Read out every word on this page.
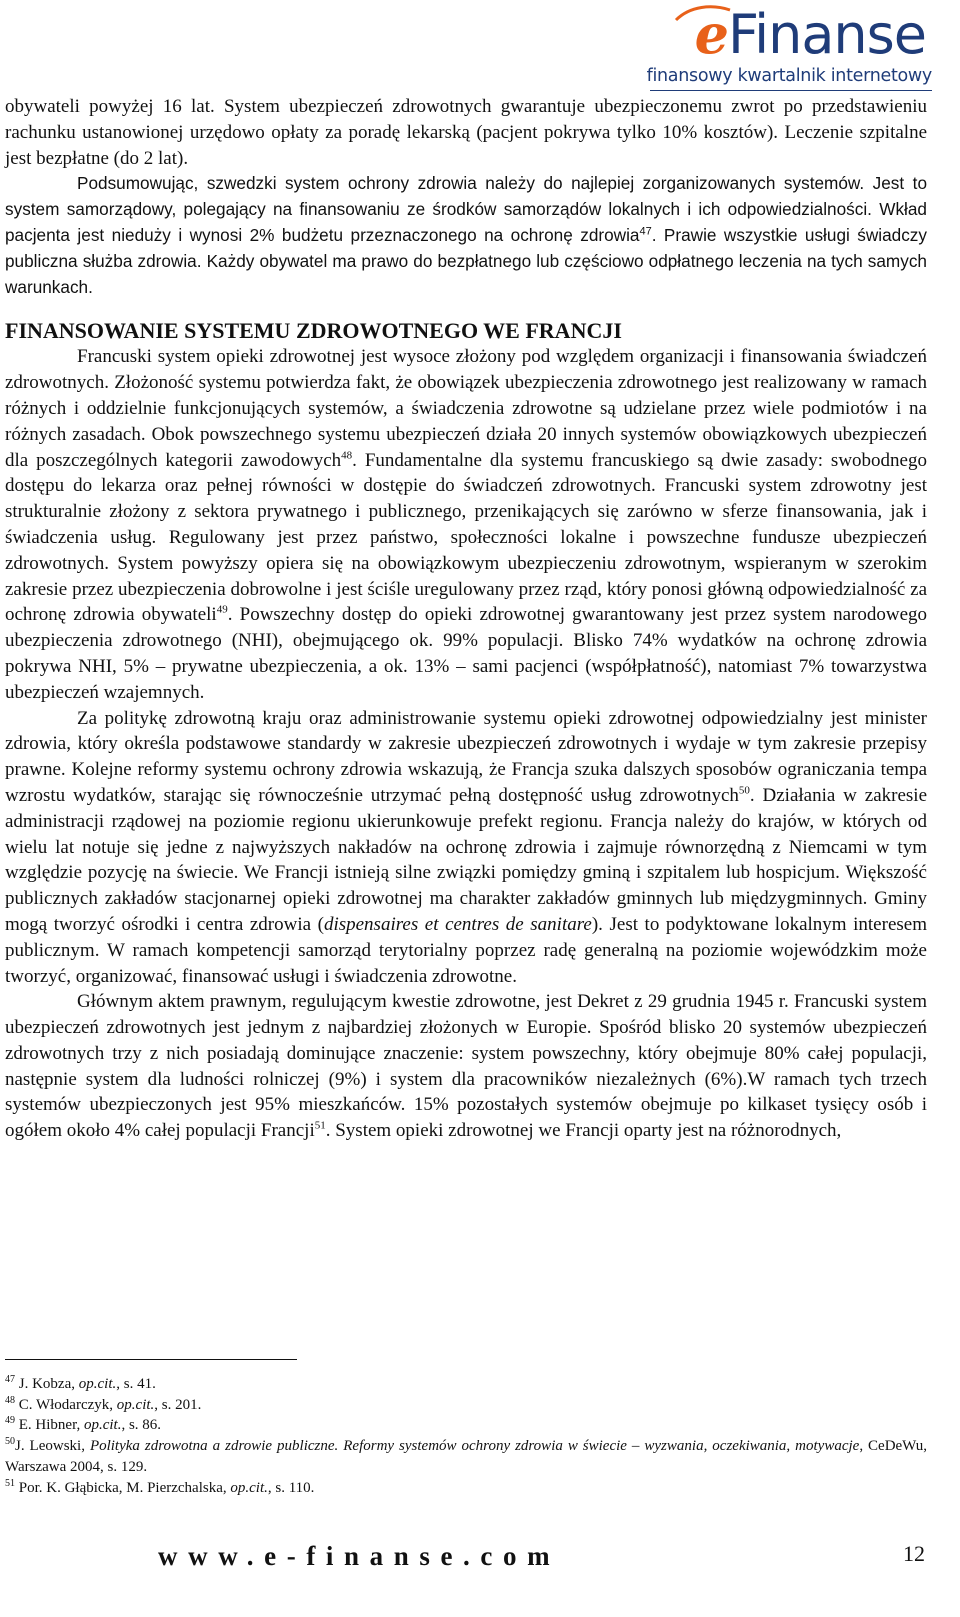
eFinanse
finansowy kwartalnik internetowy

obywateli powyżej 16 lat. System ubezpieczeń zdrowotnych gwarantuje ubezpieczonemu zwrot po przedstawieniu rachunku ustanowionej urzędowo opłaty za poradę lekarską (pacjent pokrywa tylko 10% kosztów). Leczenie szpitalne jest bezpłatne (do 2 lat).

Podsumowując, szwedzki system ochrony zdrowia należy do najlepiej zorganizowanych systemów. Jest to system samorządowy, polegający na finansowaniu ze środków samorządów lokalnych i ich odpowiedzialności. Wkład pacjenta jest nieduży i wynosi 2% budżetu przeznaczonego na ochronę zdrowia$^{47}$. Prawie wszystkie usługi świadczy publiczna służba zdrowia. Każdy obywatel ma prawo do bezpłatnego lub częściowo odpłatnego leczenia na tych samych warunkach.

FINANSOWANIE SYSTEMU ZDROWOTNEGO WE FRANCJI

Francuski system opieki zdrowotnej jest wysoce złożony pod względem organizacji i finansowania świadczeń zdrowotnych. Złożoność systemu potwierdza fakt, że obowiązek ubezpieczenia zdrowotnego jest realizowany w ramach różnych i oddzielnie funkcjonujących systemów, a świadczenia zdrowotne są udzielane przez wiele podmiotów i na różnych zasadach. Obok powszechnego systemu ubezpieczeń działa 20 innych systemów obowiązkowych ubezpieczeń dla poszczególnych kategorii zawodowych$^{48}$. Fundamentalne dla systemu francuskiego są dwie zasady: swobodnego dostępu do lekarza oraz pełnej równości w dostępie do świadczeń zdrowotnych. Francuski system zdrowotny jest strukturalnie złożony z sektora prywatnego i publicznego, przenikających się zarówno w sferze finansowania, jak i świadczenia usług. Regulowany jest przez państwo, społeczności lokalne i powszechne fundusze ubezpieczeń zdrowotnych. System powyższy opiera się na obowiązkowym ubezpieczeniu zdrowotnym, wspieranym w szerokim zakresie przez ubezpieczenia dobrowolne i jest ściśle uregulowany przez rząd, który ponosi główną odpowiedzialność za ochronę zdrowia obywateli$^{49}$. Powszechny dostęp do opieki zdrowotnej gwarantowany jest przez system narodowego ubezpieczenia zdrowotnego (NHI), obejmującego ok. 99% populacji. Blisko 74% wydatków na ochronę zdrowia pokrywa NHI, 5% – prywatne ubezpieczenia, a ok. 13% – sami pacjenci (współpłatność), natomiast 7% towarzystwa ubezpieczeń wzajemnych.

Za politykę zdrowotną kraju oraz administrowanie systemu opieki zdrowotnej odpowiedzialny jest minister zdrowia, który określa podstawowe standardy w zakresie ubezpieczeń zdrowotnych i wydaje w tym zakresie przepisy prawne. Kolejne reformy systemu ochrony zdrowia wskazują, że Francja szuka dalszych sposobów ograniczania tempa wzrostu wydatków, starając się równocześnie utrzymać pełną dostępność usług zdrowotnych$^{50}$. Działania w zakresie administracji rządowej na poziomie regionu ukierunkowuje prefekt regionu. Francja należy do krajów, w których od wielu lat notuje się jedne z najwyższych nakładów na ochronę zdrowia i zajmuje równorzędną z Niemcami w tym względzie pozycję na świecie. We Francji istnieją silne związki pomiędzy gminą i szpitalem lub hospicjum. Większość publicznych zakładów stacjonarnej opieki zdrowotnej ma charakter zakładów gminnych lub międzygminnych. Gminy mogą tworzyć ośrodki i centra zdrowia (dispensaires et centres de sanitare). Jest to podyktowane lokalnym interesem publicznym. W ramach kompetencji samorząd terytorialny poprzez radę generalną na poziomie wojewódzkim może tworzyć, organizować, finansować usługi i świadczenia zdrowotne.

Głównym aktem prawnym, regulującym kwestie zdrowotne, jest Dekret z 29 grudnia 1945 r. Francuski system ubezpieczeń zdrowotnych jest jednym z najbardziej złożonych w Europie. Spośród blisko 20 systemów ubezpieczeń zdrowotnych trzy z nich posiadają dominujące znaczenie: system powszechny, który obejmuje 80% całej populacji, następnie system dla ludności rolniczej (9%) i system dla pracowników niezależnych (6%).W ramach tych trzech systemów ubezpieczonych jest 95% mieszkańców. 15% pozostałych systemów obejmuje po kilkaset tysięcy osób i ogółem około 4% całej populacji Francji$^{51}$. System opieki zdrowotnej we Francji oparty jest na różnorodnych,

$^{47}$ J. Kobza, op.cit., s. 41.

$^{48}$ C. Włodarczyk, op.cit., s. 201.

$^{49}$ E. Hibner, op.cit., s. 86.

$^{50}$J. Leowski, Polityka zdrowotna a zdrowie publiczne. Reformy systemów ochrony zdrowia w świecie – wyzwania, oczekiwania, motywacje, CeDeWu, Warszawa 2004, s. 129.

$^{51}$ Por. K. Głąbicka, M. Pierzchalska, op.cit., s. 110.

www.e-finanse.com	12
